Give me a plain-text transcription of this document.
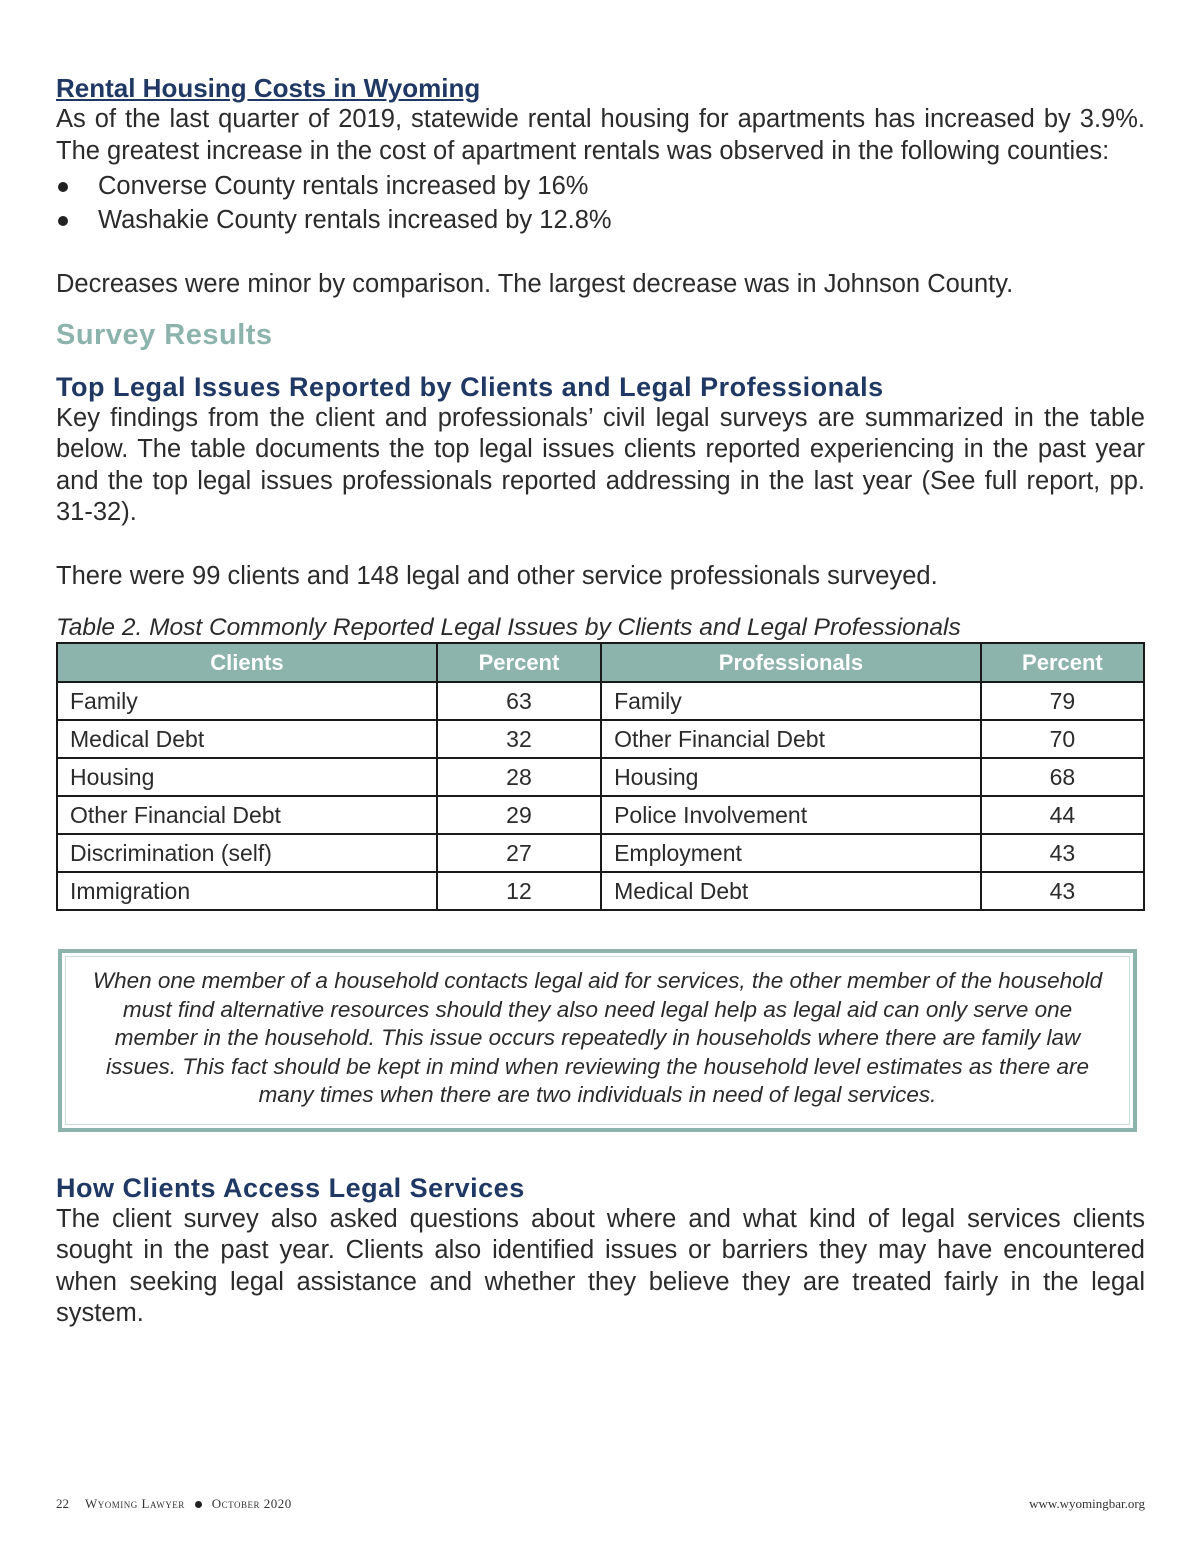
Rental Housing Costs in Wyoming

As of the last quarter of 2019, statewide rental housing for apartments has increased by 3.9%. The greatest increase in the cost of apartment rentals was observed in the following counties:

Converse County rentals increased by 16%
Washakie County rentals increased by 12.8%

Decreases were minor by comparison. The largest decrease was in Johnson County.

Survey Results
Top Legal Issues Reported by Clients and Legal Professionals

Key findings from the client and professionals’ civil legal surveys are summarized in the table below. The table documents the top legal issues clients reported experiencing in the past year and the top legal issues professionals reported addressing in the last year (See full report, pp. 31-32).

There were 99 clients and 148 legal and other service professionals surveyed.

Table 2. Most Commonly Reported Legal Issues by Clients and Legal Professionals
Clients	Percent	Professionals	Percent
Family	63	Family	79
Medical Debt	32	Other Financial Debt	70
Housing	28	Housing	68
Other Financial Debt	29	Police Involvement	44
Discrimination (self)	27	Employment	43
Immigration	12	Medical Debt	43

When one member of a household contacts legal aid for services, the other member of the household must find alternative resources should they also need legal help as legal aid can only serve one member in the household. This issue occurs repeatedly in households where there are family law issues. This fact should be kept in mind when reviewing the household level estimates as there are many times when there are two individuals in need of legal services.

How Clients Access Legal Services

The client survey also asked questions about where and what kind of legal services clients sought in the past year. Clients also identified issues or barriers they may have encountered when seeking legal assistance and whether they believe they are treated fairly in the legal system.

22 Wyoming Lawyer October 2020	www.wyomingbar.org
